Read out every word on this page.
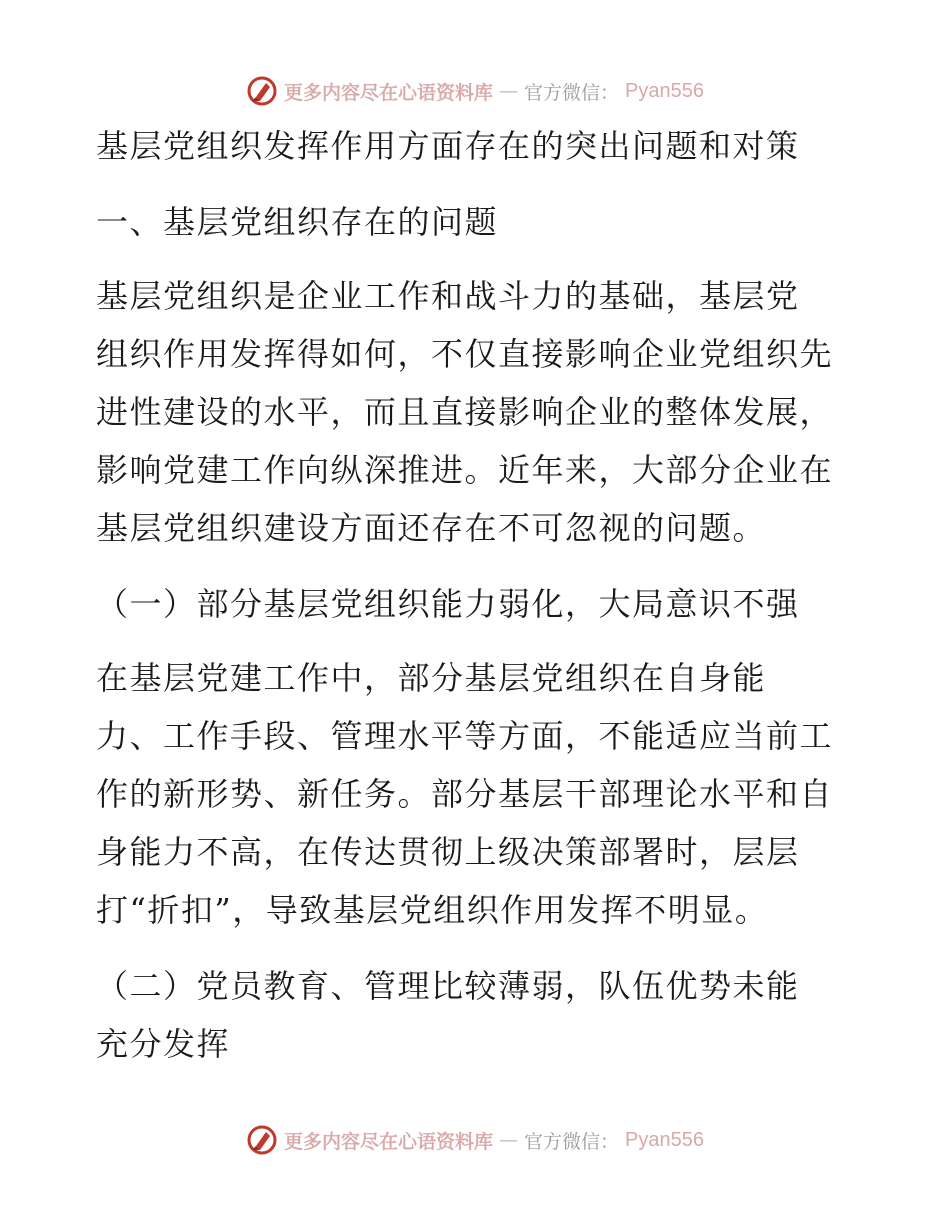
更多内容尽在心语资料库 — 官方微信： Pyan556
基层党组织发挥作用方面存在的突出问题和对策
一、基层党组织存在的问题
基层党组织是企业工作和战斗力的基础，基层党
组织作用发挥得如何，不仅直接影响企业党组织先
进性建设的水平，而且直接影响企业的整体发展，
影响党建工作向纵深推进。近年来，大部分企业在
基层党组织建设方面还存在不可忽视的问题。
（一）部分基层党组织能力弱化，大局意识不强
在基层党建工作中，部分基层党组织在自身能
力、工作手段、管理水平等方面，不能适应当前工
作的新形势、新任务。部分基层干部理论水平和自
身能力不高，在传达贯彻上级决策部署时，层层
打“折扣”，导致基层党组织作用发挥不明显。
（二）党员教育、管理比较薄弱，队伍优势未能
充分发挥
更多内容尽在心语资料库 — 官方微信： Pyan556
